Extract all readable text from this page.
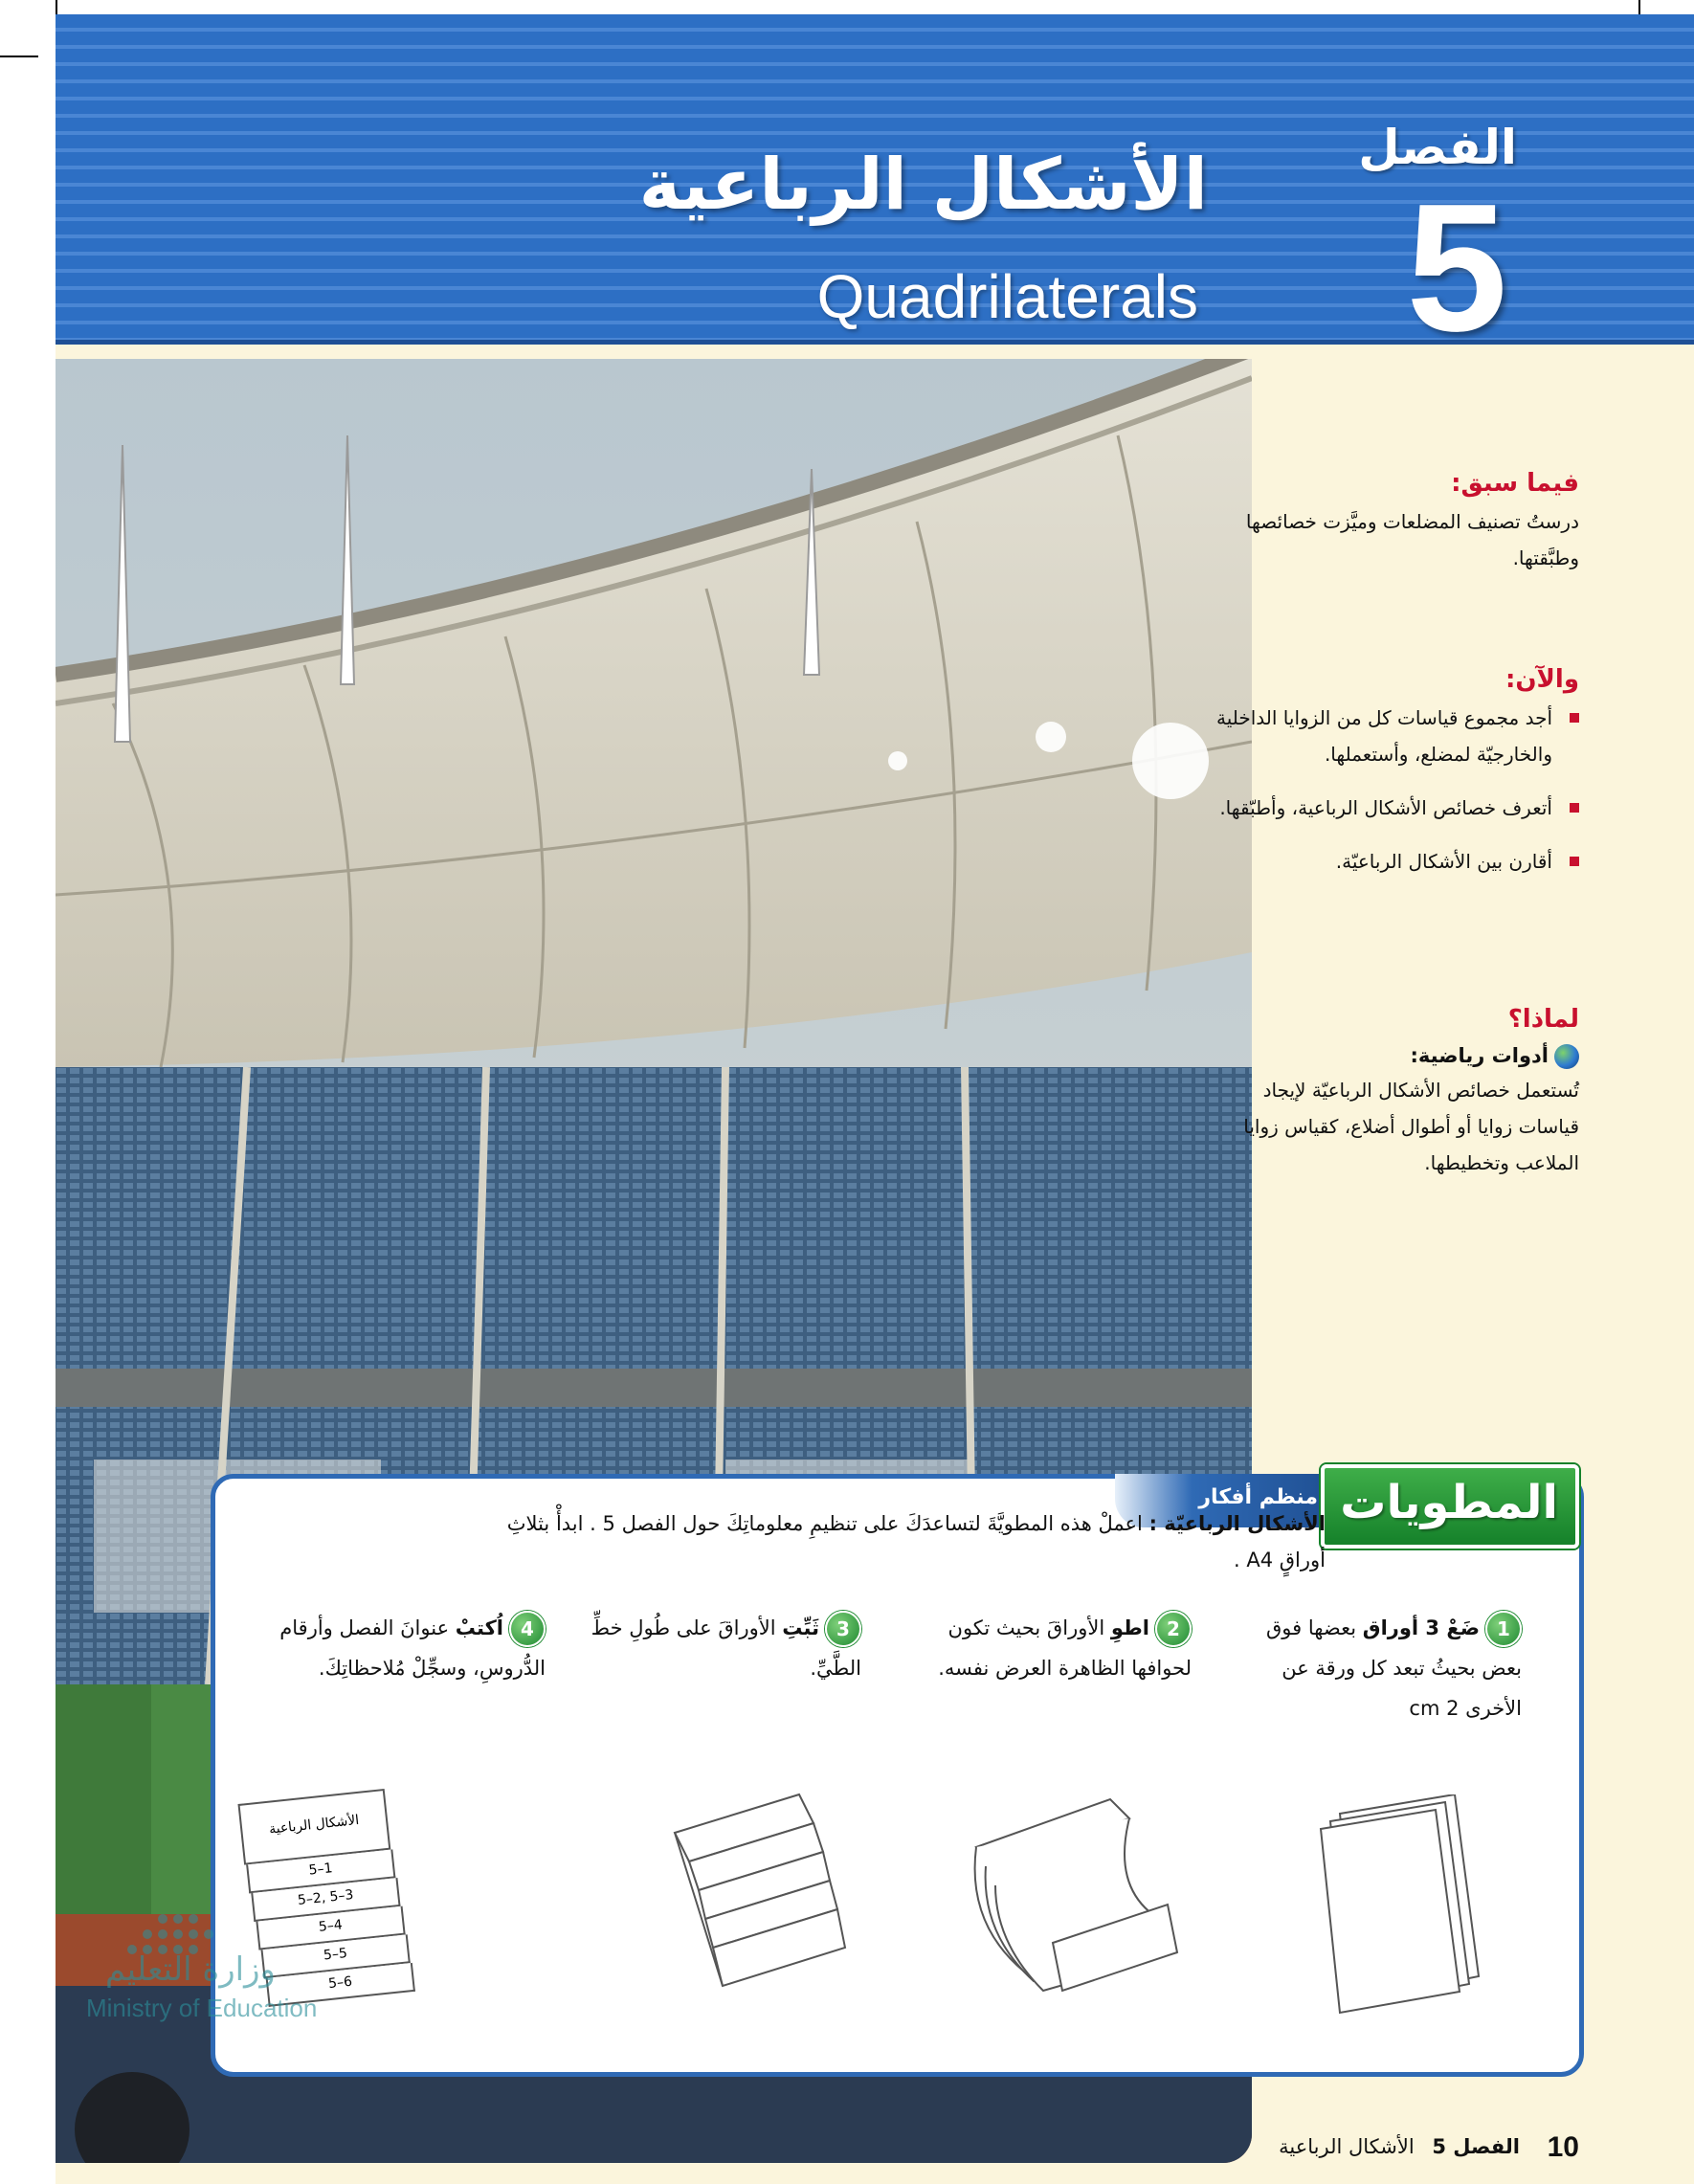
الأشكال الرباعية
Quadrilaterals
الفصل
5
فيما سبق:
درستُ تصنيف المضلعات وميَّزت خصائصها وطبَّقتها.
والآن:
أجد مجموع قياسات كل من الزوايا الداخلية والخارجيّة لمضلع، وأستعملها.
أتعرف خصائص الأشكال الرباعية، وأطبّقها.
أقارن بين الأشكال الرباعيّة.
لماذا؟
أدوات رياضية:
تُستعمل خصائص الأشكال الرباعيّة لإيجاد قياسات زوايا أو أطوال أضلاع، كقياس زوايا الملاعب وتخطيطها.
منظم أفكار المطويات
الأشكال الرباعيّة : اعملْ هذه المطويَّةَ لتساعدَكَ على تنظيمِ معلوماتِكَ حول الفصل 5 . ابدأْ بثلاثِ أوراقٍ A4 .
1ضَعْ 3 أوراق بعضها فوق بعض بحيثُ تبعد كل ورقة عن الأخرى 2 cm
2اطوِ الأوراقَ بحيث تكون لحوافها الظاهرة العرض نفسه.
3ثَبِّتِ الأوراقَ على طُولِ خطِّ الطَّيِّ.
4اُكتبْ عنوانَ الفصل وأرقام الدُّروسِ، وسجِّلْ مُلاحظاتِكَ.
الأشكال الرباعية
5–1
5–2, 5–3
5–4
5–5
5–6
وزارة التعليم
Ministry of Education
10 الفصل 5 الأشكال الرباعية
